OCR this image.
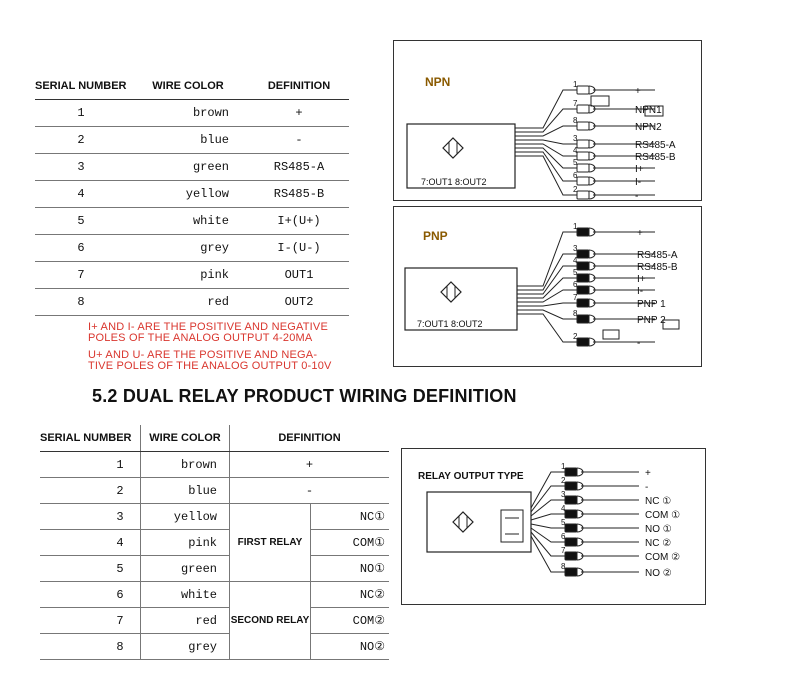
SERIAL NUMBER	WIRE COLOR	DEFINITION
1	brown	+
2	blue	-
3	green	RS485-A
4	yellow	RS485-B
5	white	I+(U+)
6	grey	I-(U-)
7	pink	OUT1
8	red	OUT2
I+ AND I- ARE THE POSITIVE AND NEGATIVE
POLES OF THE ANALOG OUTPUT 4-20MA
U+ AND U- ARE THE POSITIVE AND NEGA-
TIVE POLES OF THE ANALOG OUTPUT 0-10V
5.2 DUAL RELAY PRODUCT WIRING DEFINITION
SERIAL NUMBER	WIRE COLOR	DEFINITION	
1	brown	+	
2	blue	-	
3	yellow	FIRST RELAY	NC①
4	pink		COM①
5	green		NO①
6	white	SECOND RELAY	NC②
7	red		COM②
8	grey		NO②
NPN
7:OUT1 8:OUT2
1
+
7
NPN1
8
NPN2
3
RS485-A
4
RS485-B
5
I+
6
I-
2
-
PNP
7:OUT1 8:OUT2
1
+
3
RS485-A
4
RS485-B
5
I+
6
I-
7
PNP 1
8
PNP 2
2
-
RELAY OUTPUT TYPE
1
+
2
-
3
NC ①
4
COM ①
5
NO ①
6
NC ②
7
COM ②
8
NO ②
